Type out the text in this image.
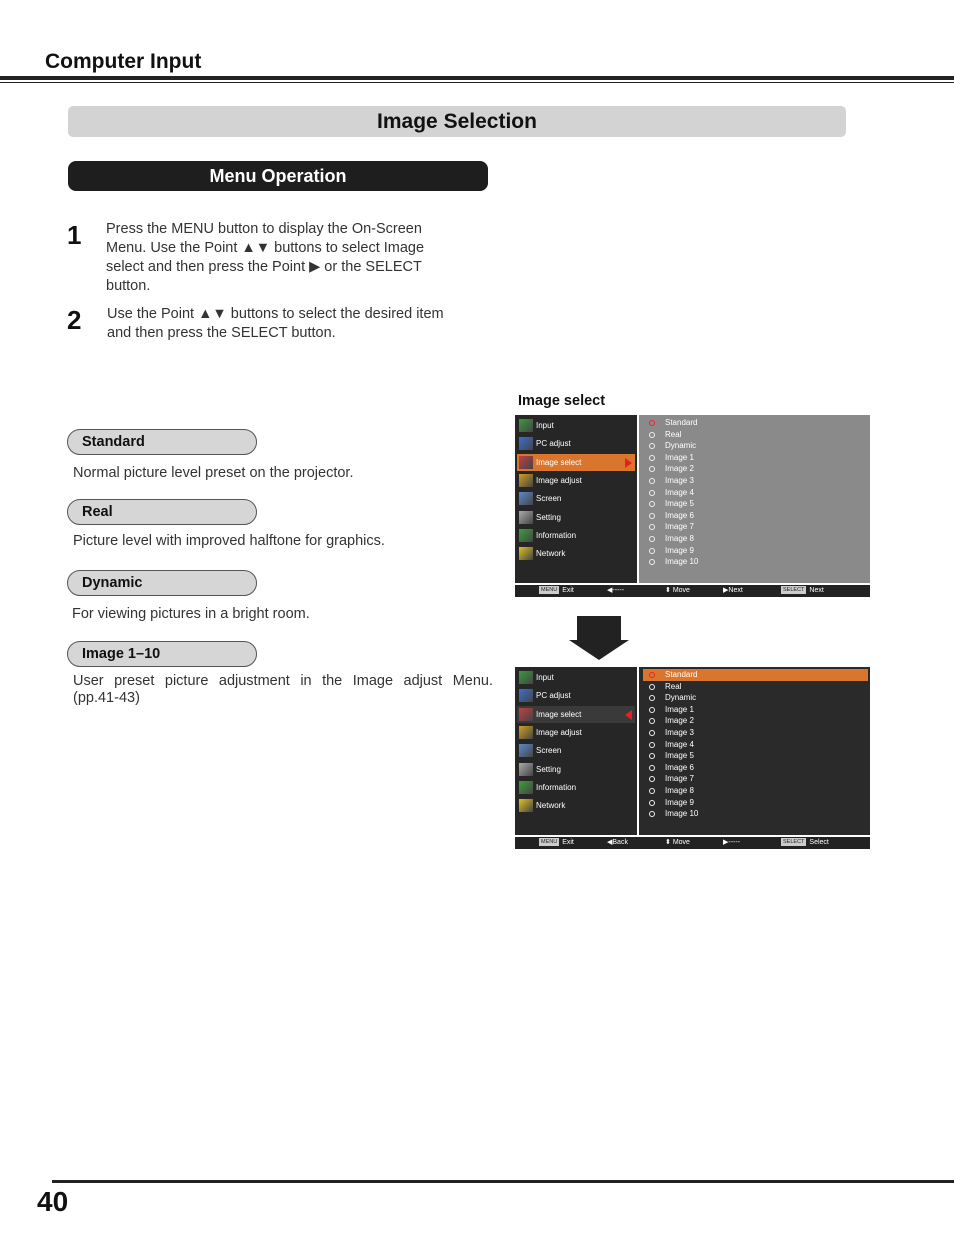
Computer Input
Image Selection
Menu Operation
1 Press the MENU button to display the On-Screen
Menu. Use the Point ▲▼ buttons to select Image
select and then press the Point ▶ or the SELECT
button.
2 Use the Point ▲▼ buttons to select the desired item
and then press the SELECT button.
Standard
Normal picture level preset on the projector.
Real
Picture level with improved halftone for graphics.
Dynamic
For viewing pictures in a bright room.
Image 1–10
User preset picture adjustment in the Image adjust Menu.
(pp.41-43)
Image select
Input
PC adjust
Image select
Image adjust
Screen
Setting
Information
Network
Standard
Real
Dynamic
Image 1
Image 2
Image 3
Image 4
Image 5
Image 6
Image 7
Image 8
Image 9
Image 10
MENU Exit	◀-----	⬍ Move	▶Next	SELECT Next
Input
PC adjust
Image select
Image adjust
Screen
Setting
Information
Network
Standard
Real
Dynamic
Image 1
Image 2
Image 3
Image 4
Image 5
Image 6
Image 7
Image 8
Image 9
Image 10
MENU Exit	◀Back	⬍ Move	▶-----	SELECT Select
40
